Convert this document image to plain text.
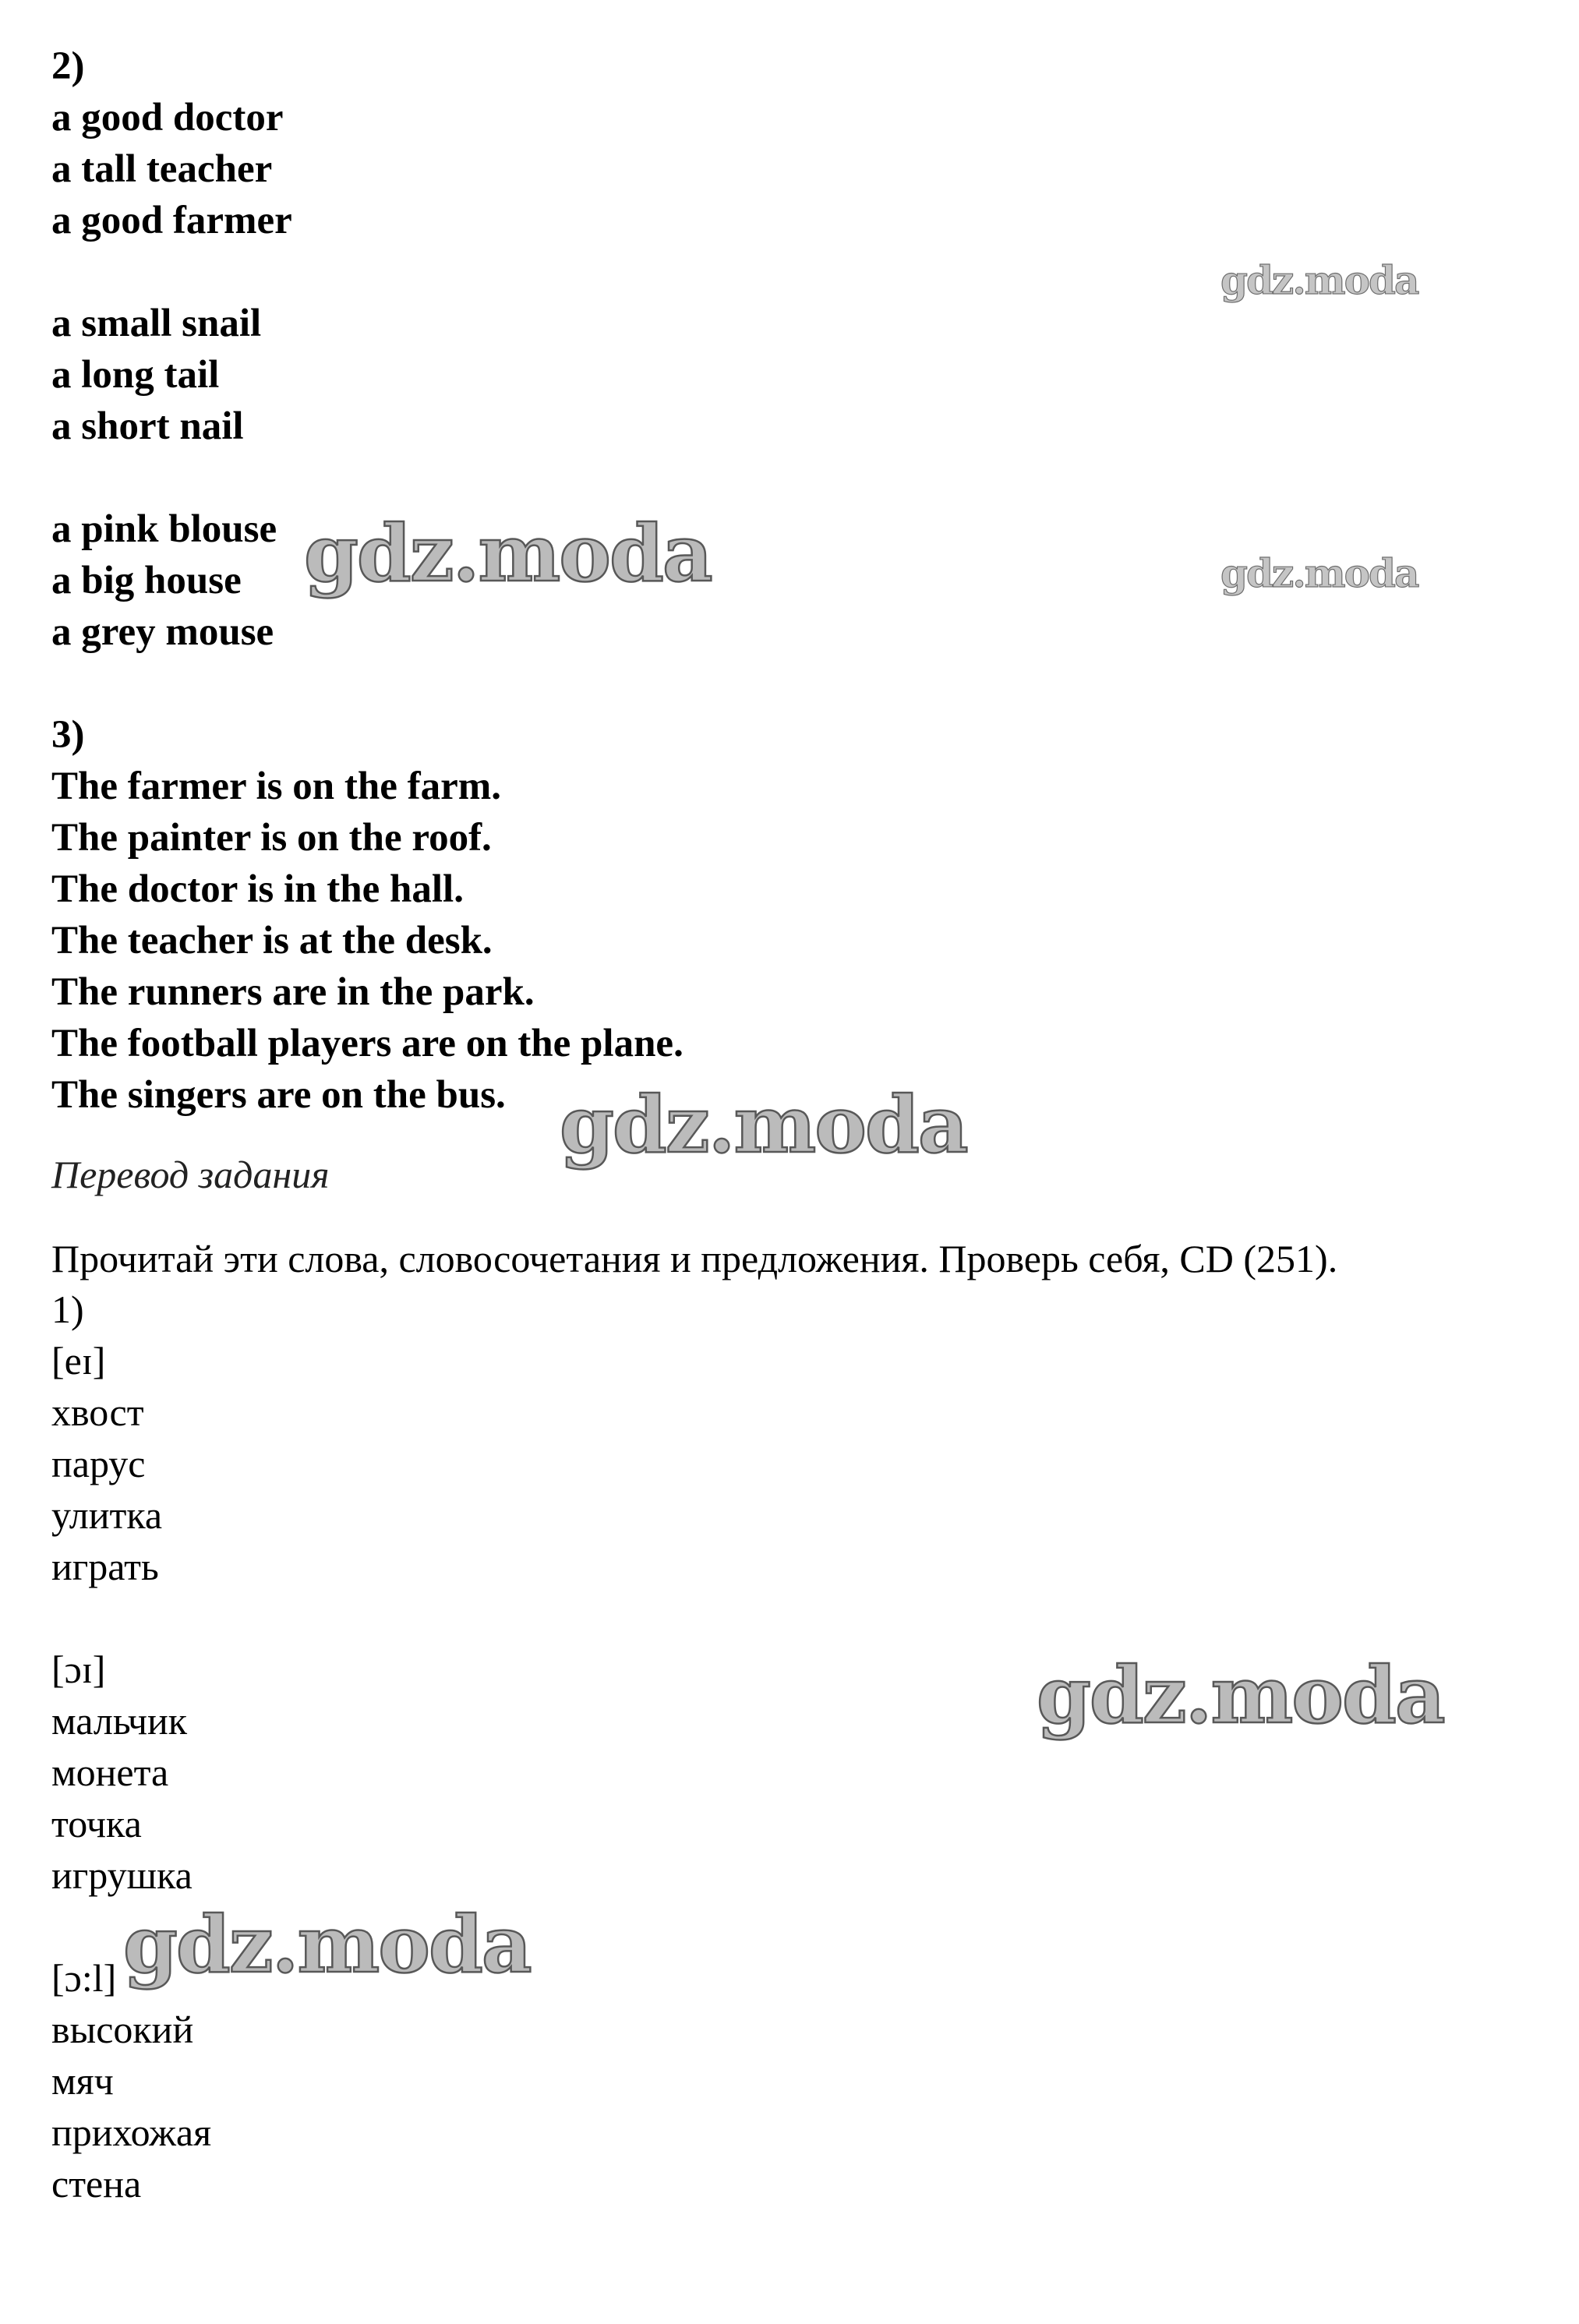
2)
a good doctor
a tall teacher
a good farmer
a small snail
a long tail
a short nail
a pink blouse
a big house
a grey mouse
3)
The farmer is on the farm.
The painter is on the roof.
The doctor is in the hall.
The teacher is at the desk.
The runners are in the park.
The football players are on the plane.
The singers are on the bus.
Перевод задания
Прочитай эти слова, словосочетания и предложения. Проверь себя, CD (251).
1)
[eɪ]
хвост
парус
улитка
играть
[ɔɪ]
мальчик
монета
точка
игрушка
[ɔ:l]
высокий
мяч
прихожая
стена
gdz.moda
gdz.moda
gdz.moda
gdz.moda
gdz.moda
gdz.moda
